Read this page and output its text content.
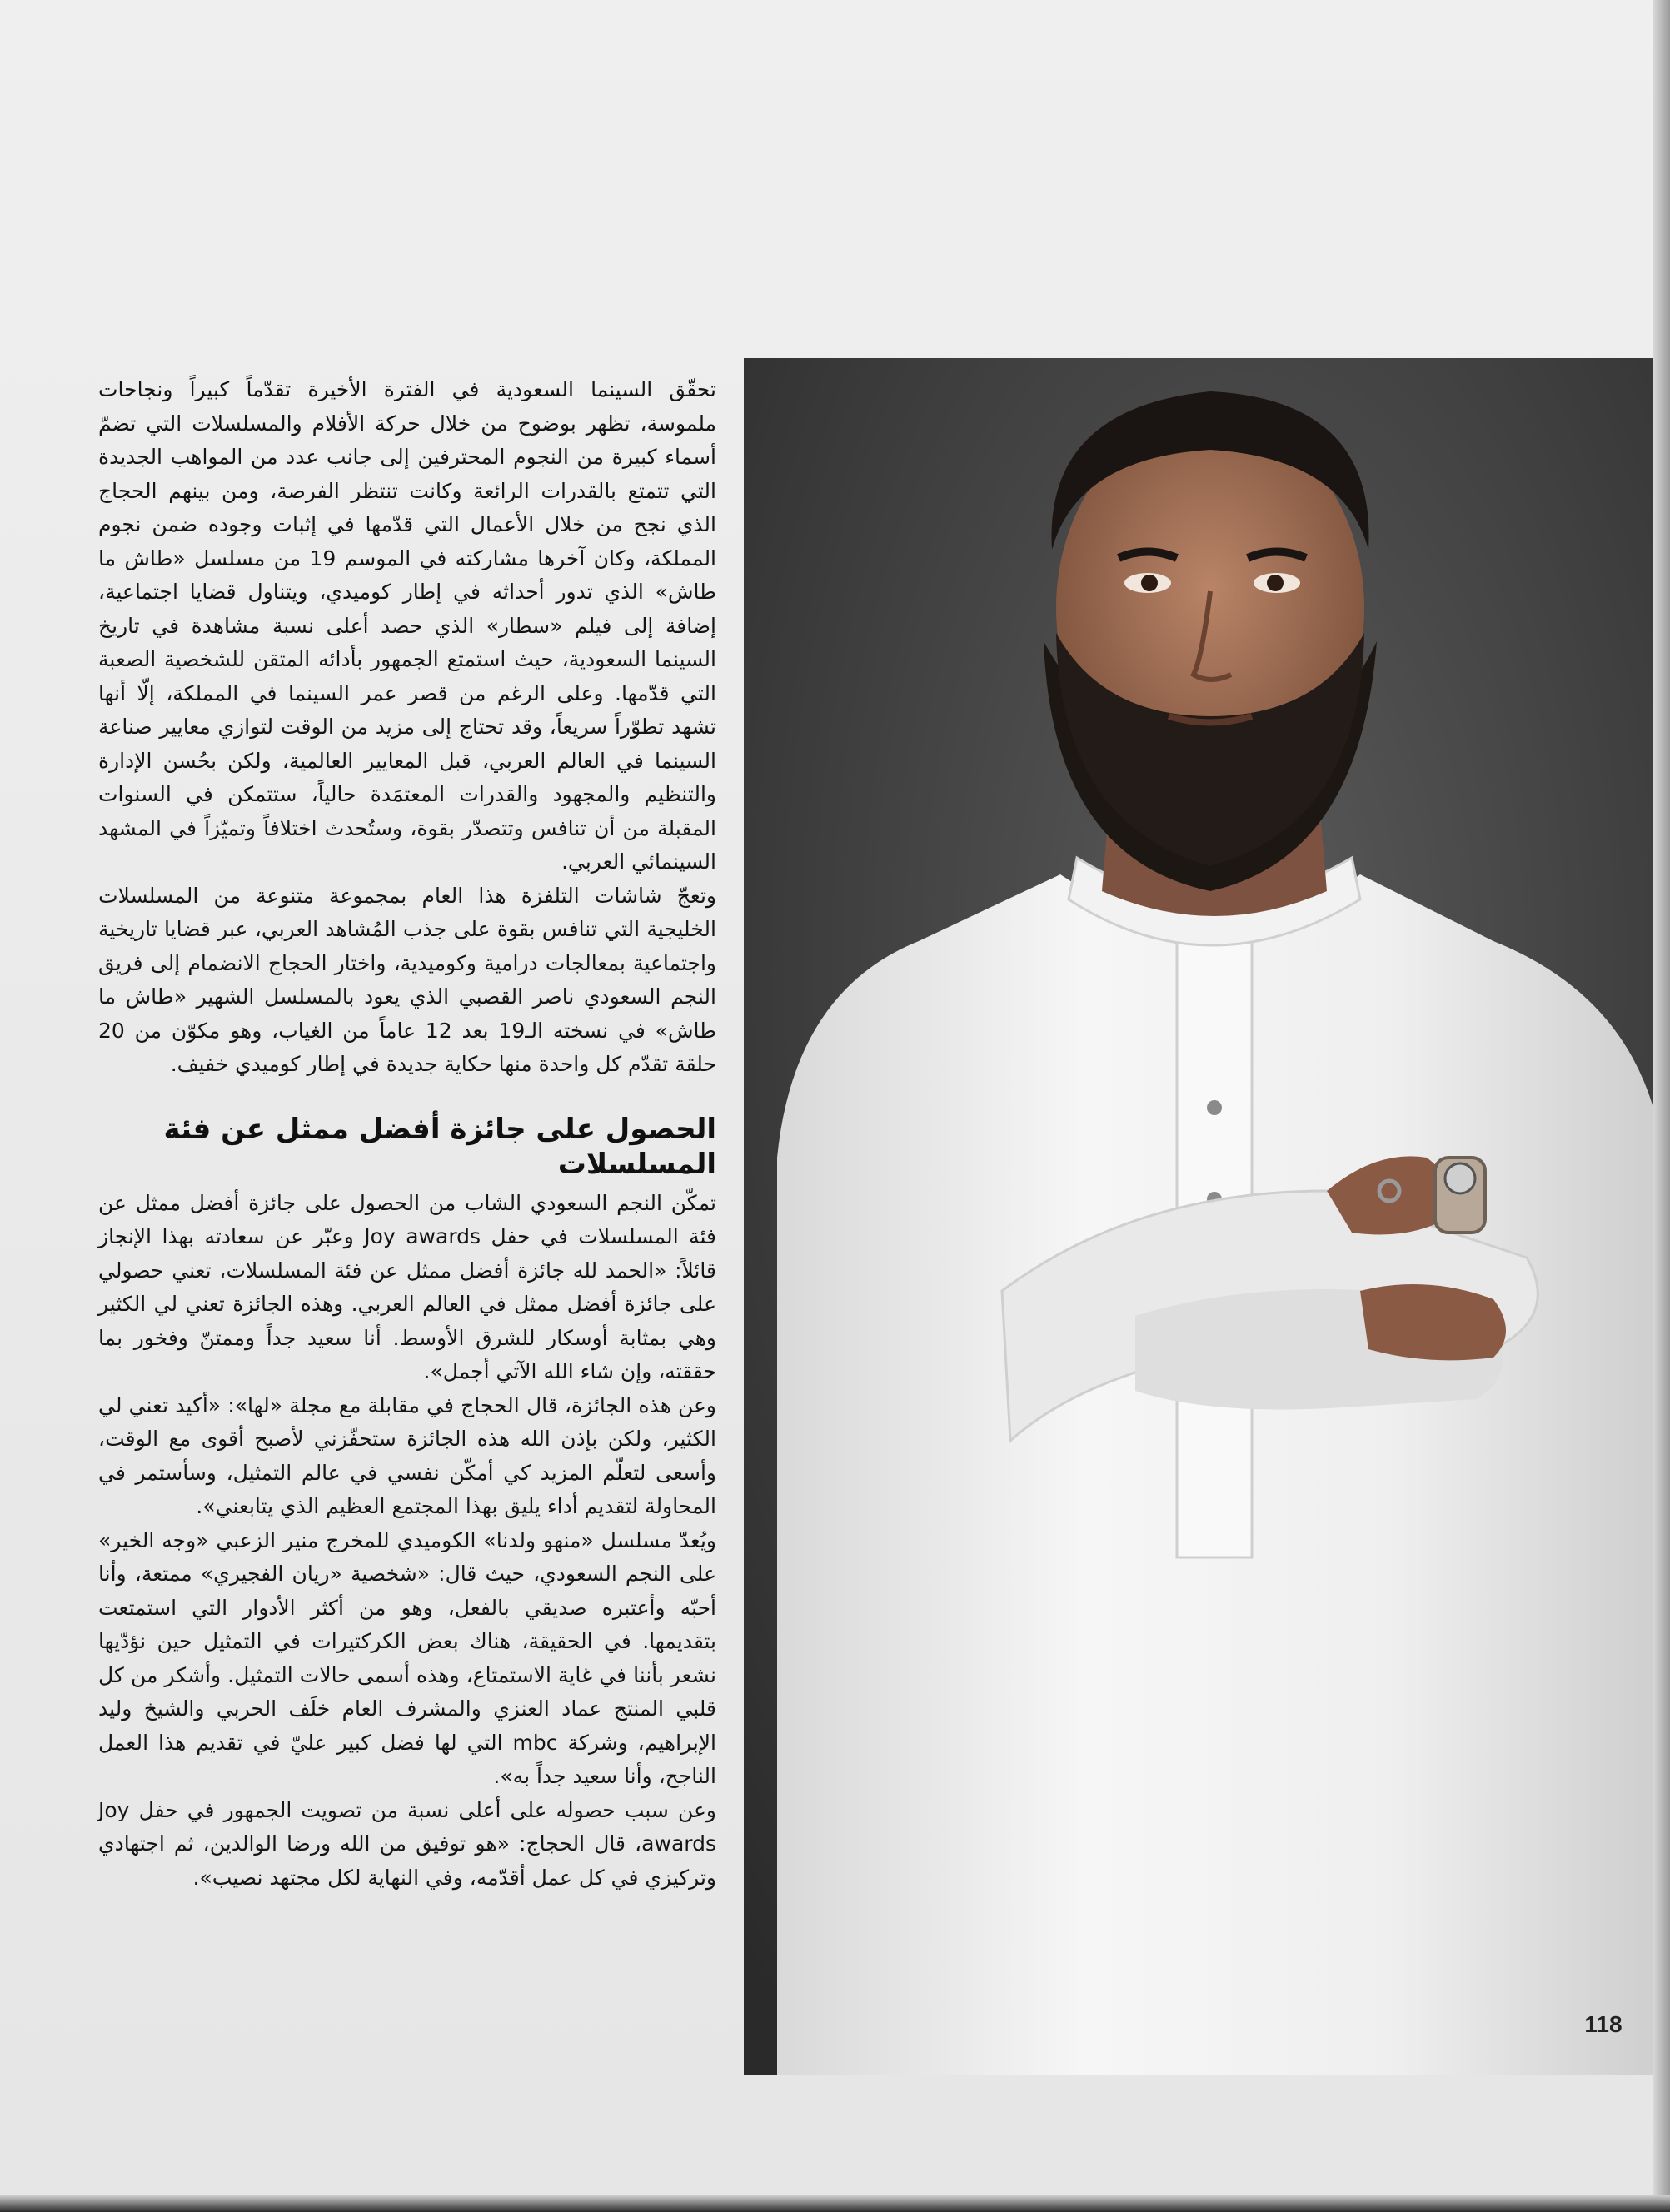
تحقّق السينما السعودية في الفترة الأخيرة تقدّماً كبيراً ونجاحات ملموسة، تظهر بوضوح من خلال حركة الأفلام والمسلسلات التي تضمّ أسماء كبيرة من النجوم المحترفين إلى جانب عدد من المواهب الجديدة التي تتمتع بالقدرات الرائعة وكانت تنتظر الفرصة، ومن بينهم الحجاج الذي نجح من خلال الأعمال التي قدّمها في إثبات وجوده ضمن نجوم المملكة، وكان آخرها مشاركته في الموسم 19 من مسلسل «طاش ما طاش» الذي تدور أحداثه في إطار كوميدي، ويتناول قضايا اجتماعية، إضافة إلى فيلم «سطار» الذي حصد أعلى نسبة مشاهدة في تاريخ السينما السعودية، حيث استمتع الجمهور بأدائه المتقن للشخصية الصعبة التي قدّمها. وعلى الرغم من قصر عمر السينما في المملكة، إلّا أنها تشهد تطوّراً سريعاً، وقد تحتاج إلى مزيد من الوقت لتوازي معايير صناعة السينما في العالم العربي، قبل المعايير العالمية، ولكن بحُسن الإدارة والتنظيم والمجهود والقدرات المعتمَدة حالياً، ستتمكن في السنوات المقبلة من أن تنافس وتتصدّر بقوة، وستُحدث اختلافاً وتميّزاً في المشهد السينمائي العربي.

وتعجّ شاشات التلفزة هذا العام بمجموعة متنوعة من المسلسلات الخليجية التي تنافس بقوة على جذب المُشاهد العربي، عبر قضايا تاريخية واجتماعية بمعالجات درامية وكوميدية، واختار الحجاج الانضمام إلى فريق النجم السعودي ناصر القصبي الذي يعود بالمسلسل الشهير «طاش ما طاش» في نسخته الـ19 بعد 12 عاماً من الغياب، وهو مكوّن من 20 حلقة تقدّم كل واحدة منها حكاية جديدة في إطار كوميدي خفيف.

الحصول على جائزة أفضل ممثل عن فئة المسلسلات

تمكّن النجم السعودي الشاب من الحصول على جائزة أفضل ممثل عن فئة المسلسلات في حفل Joy awards وعبّر عن سعادته بهذا الإنجاز قائلاً: «الحمد لله جائزة أفضل ممثل عن فئة المسلسلات، تعني حصولي على جائزة أفضل ممثل في العالم العربي. وهذه الجائزة تعني لي الكثير وهي بمثابة أوسكار للشرق الأوسط. أنا سعيد جداً وممتنّ وفخور بما حققته، وإن شاء الله الآتي أجمل».

وعن هذه الجائزة، قال الحجاج في مقابلة مع مجلة «لها»: «أكيد تعني لي الكثير، ولكن بإذن الله هذه الجائزة ستحفّزني لأصبح أقوى مع الوقت، وأسعى لتعلّم المزيد كي أمكّن نفسي في عالم التمثيل، وسأستمر في المحاولة لتقديم أداء يليق بهذا المجتمع العظيم الذي يتابعني».

ويُعدّ مسلسل «منهو ولدنا» الكوميدي للمخرج منير الزعبي «وجه الخير» على النجم السعودي، حيث قال: «شخصية «ريان الفجيري» ممتعة، وأنا أحبّه وأعتبره صديقي بالفعل، وهو من أكثر الأدوار التي استمتعت بتقديمها. في الحقيقة، هناك بعض الكركتيرات في التمثيل حين نؤدّيها نشعر بأننا في غاية الاستمتاع، وهذه أسمى حالات التمثيل. وأشكر من كل قلبي المنتج عماد العنزي والمشرف العام خلَف الحربي والشيخ وليد الإبراهيم، وشركة mbc التي لها فضل كبير عليّ في تقديم هذا العمل الناجح، وأنا سعيد جداً به».

وعن سبب حصوله على أعلى نسبة من تصويت الجمهور في حفل Joy awards، قال الحجاج: «هو توفيق من الله ورضا الوالدين، ثم اجتهادي وتركيزي في كل عمل أقدّمه، وفي النهاية لكل مجتهد نصيب».

118
